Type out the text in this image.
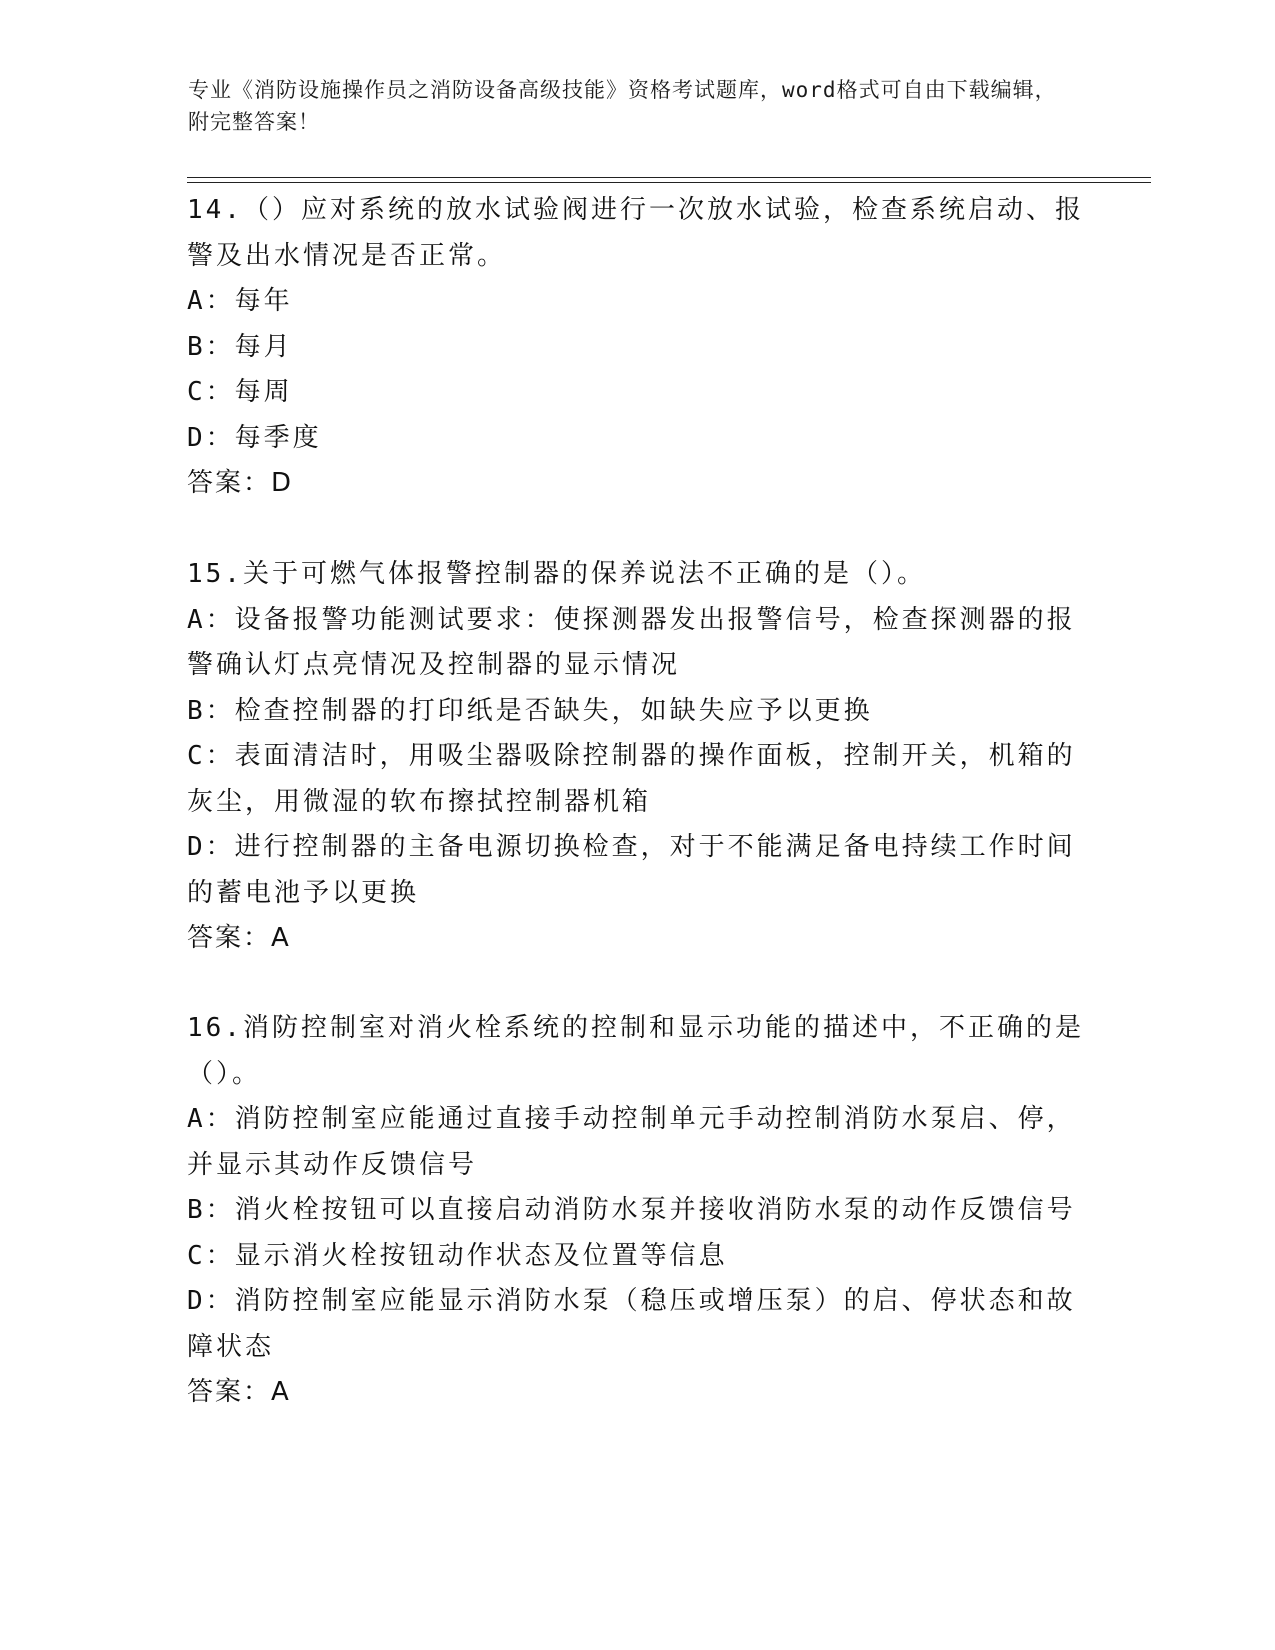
专业《消防设施操作员之消防设备高级技能》资格考试题库，word格式可自由下载编辑，附完整答案！
14.（）应对系统的放水试验阀进行一次放水试验，检查系统启动、报警及出水情况是否正常。
A：每年
B：每月
C：每周
D：每季度
答案：D
15.关于可燃气体报警控制器的保养说法不正确的是（）。
A：设备报警功能测试要求：使探测器发出报警信号，检查探测器的报警确认灯点亮情况及控制器的显示情况
B：检查控制器的打印纸是否缺失，如缺失应予以更换
C：表面清洁时，用吸尘器吸除控制器的操作面板，控制开关，机箱的灰尘，用微湿的软布擦拭控制器机箱
D：进行控制器的主备电源切换检查，对于不能满足备电持续工作时间的蓄电池予以更换
答案：A
16.消防控制室对消火栓系统的控制和显示功能的描述中，不正确的是（）。
A：消防控制室应能通过直接手动控制单元手动控制消防水泵启、停，并显示其动作反馈信号
B：消火栓按钮可以直接启动消防水泵并接收消防水泵的动作反馈信号
C：显示消火栓按钮动作状态及位置等信息
D：消防控制室应能显示消防水泵（稳压或增压泵）的启、停状态和故障状态
答案：A
